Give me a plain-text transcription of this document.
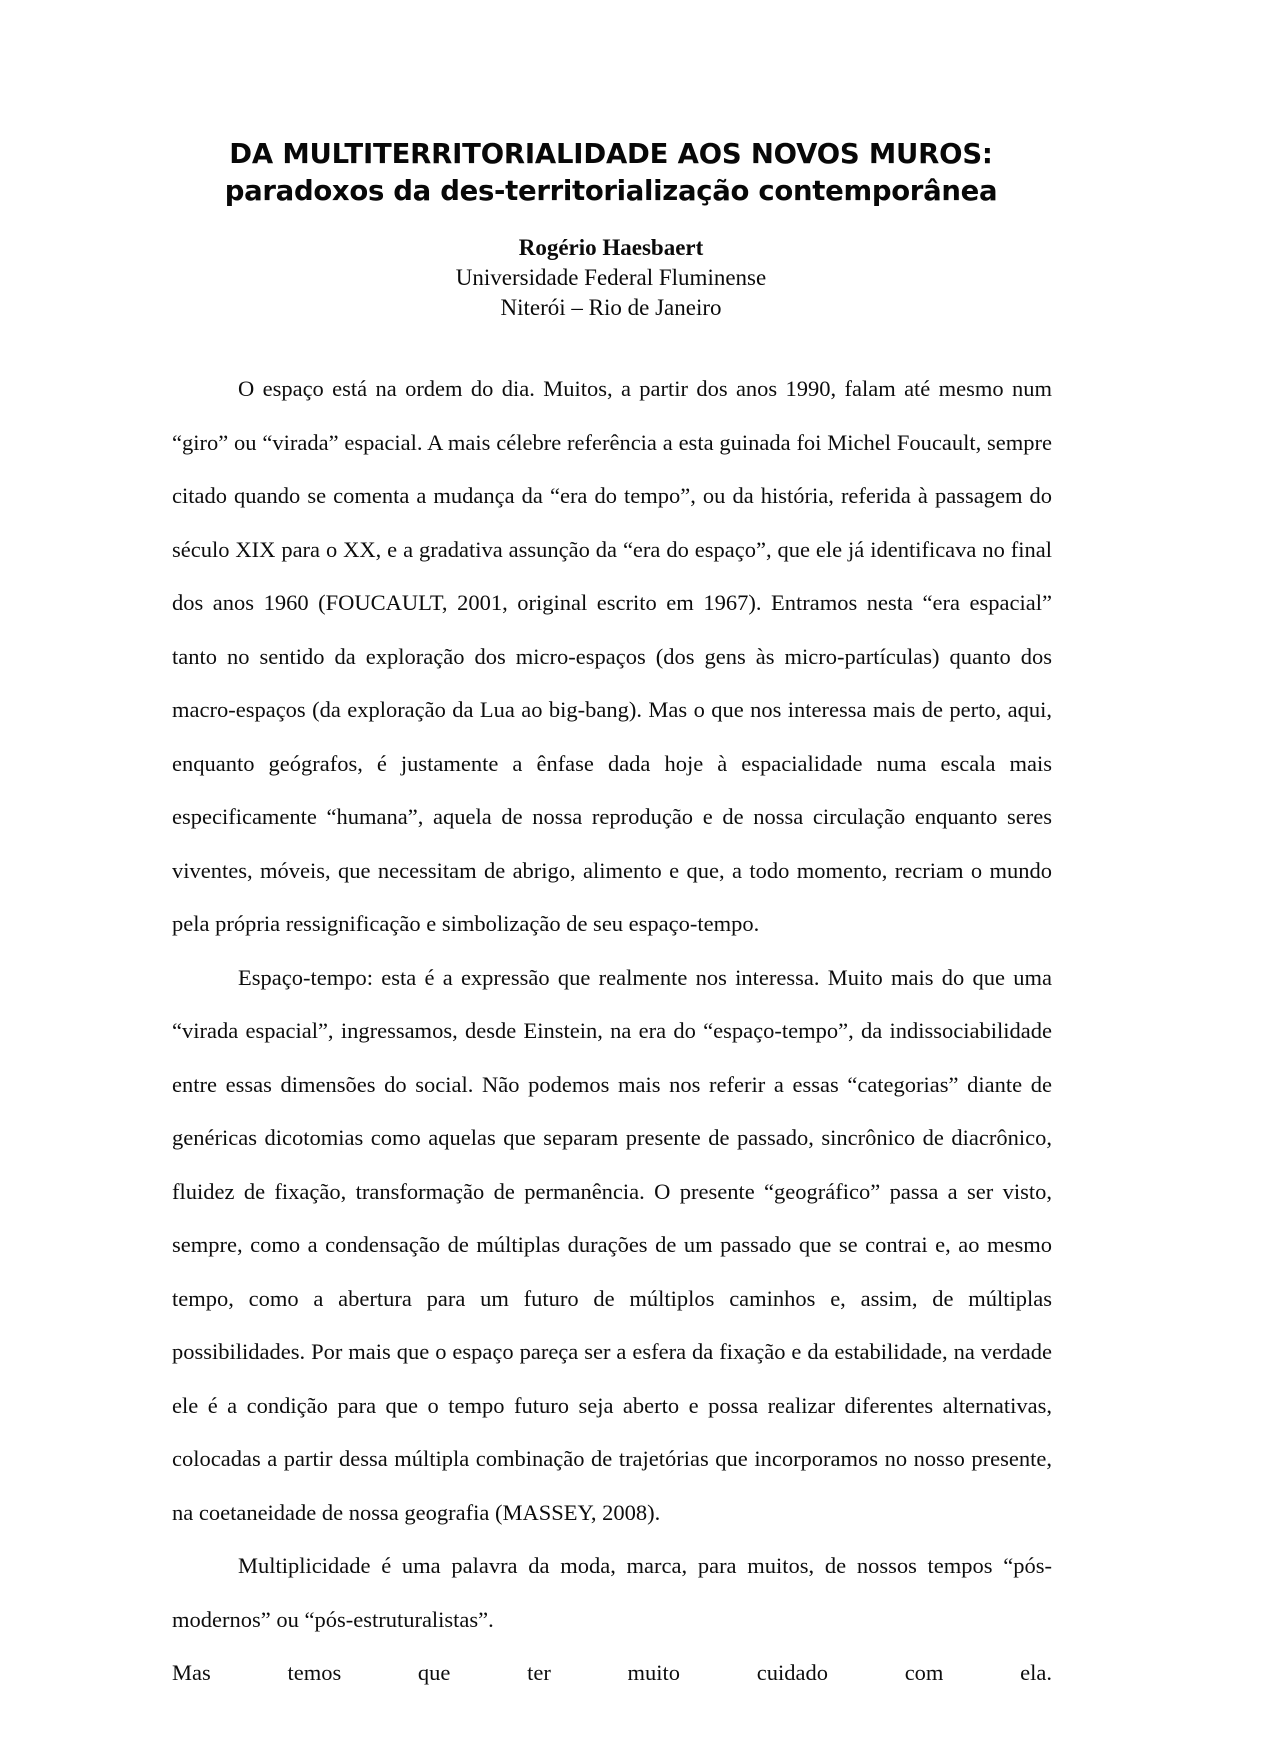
DA MULTITERRITORIALIDADE AOS NOVOS MUROS:
paradoxos da des-territorialização contemporânea
Rogério Haesbaert
Universidade Federal Fluminense
Niterói – Rio de Janeiro

O espaço está na ordem do dia. Muitos, a partir dos anos 1990, falam até mesmo num “giro” ou “virada” espacial. A mais célebre referência a esta guinada foi Michel Foucault, sempre citado quando se comenta a mudança da “era do tempo”, ou da história, referida à passagem do século XIX para o XX, e a gradativa assunção da “era do espaço”, que ele já identificava no final dos anos 1960 (FOUCAULT, 2001, original escrito em 1967). Entramos nesta “era espacial” tanto no sentido da exploração dos micro-espaços (dos gens às micro-partículas) quanto dos macro-espaços (da exploração da Lua ao big-bang). Mas o que nos interessa mais de perto, aqui, enquanto geógrafos, é justamente a ênfase dada hoje à espacialidade numa escala mais especificamente “humana”, aquela de nossa reprodução e de nossa circulação enquanto seres viventes, móveis, que necessitam de abrigo, alimento e que, a todo momento, recriam o mundo pela própria ressignificação e simbolização de seu espaço-tempo.

Espaço-tempo: esta é a expressão que realmente nos interessa. Muito mais do que uma “virada espacial”, ingressamos, desde Einstein, na era do “espaço-tempo”, da indissociabilidade entre essas dimensões do social. Não podemos mais nos referir a essas “categorias” diante de genéricas dicotomias como aquelas que separam presente de passado, sincrônico de diacrônico, fluidez de fixação, transformação de permanência. O presente “geográfico” passa a ser visto, sempre, como a condensação de múltiplas durações de um passado que se contrai e, ao mesmo tempo, como a abertura para um futuro de múltiplos caminhos e, assim, de múltiplas possibilidades. Por mais que o espaço pareça ser a esfera da fixação e da estabilidade, na verdade ele é a condição para que o tempo futuro seja aberto e possa realizar diferentes alternativas, colocadas a partir dessa múltipla combinação de trajetórias que incorporamos no nosso presente, na coetaneidade de nossa geografia (MASSEY, 2008).

Multiplicidade é uma palavra da moda, marca, para muitos, de nossos tempos “pós-modernos” ou “pós-estruturalistas”.
Mas temos que ter muito cuidado com ela.
